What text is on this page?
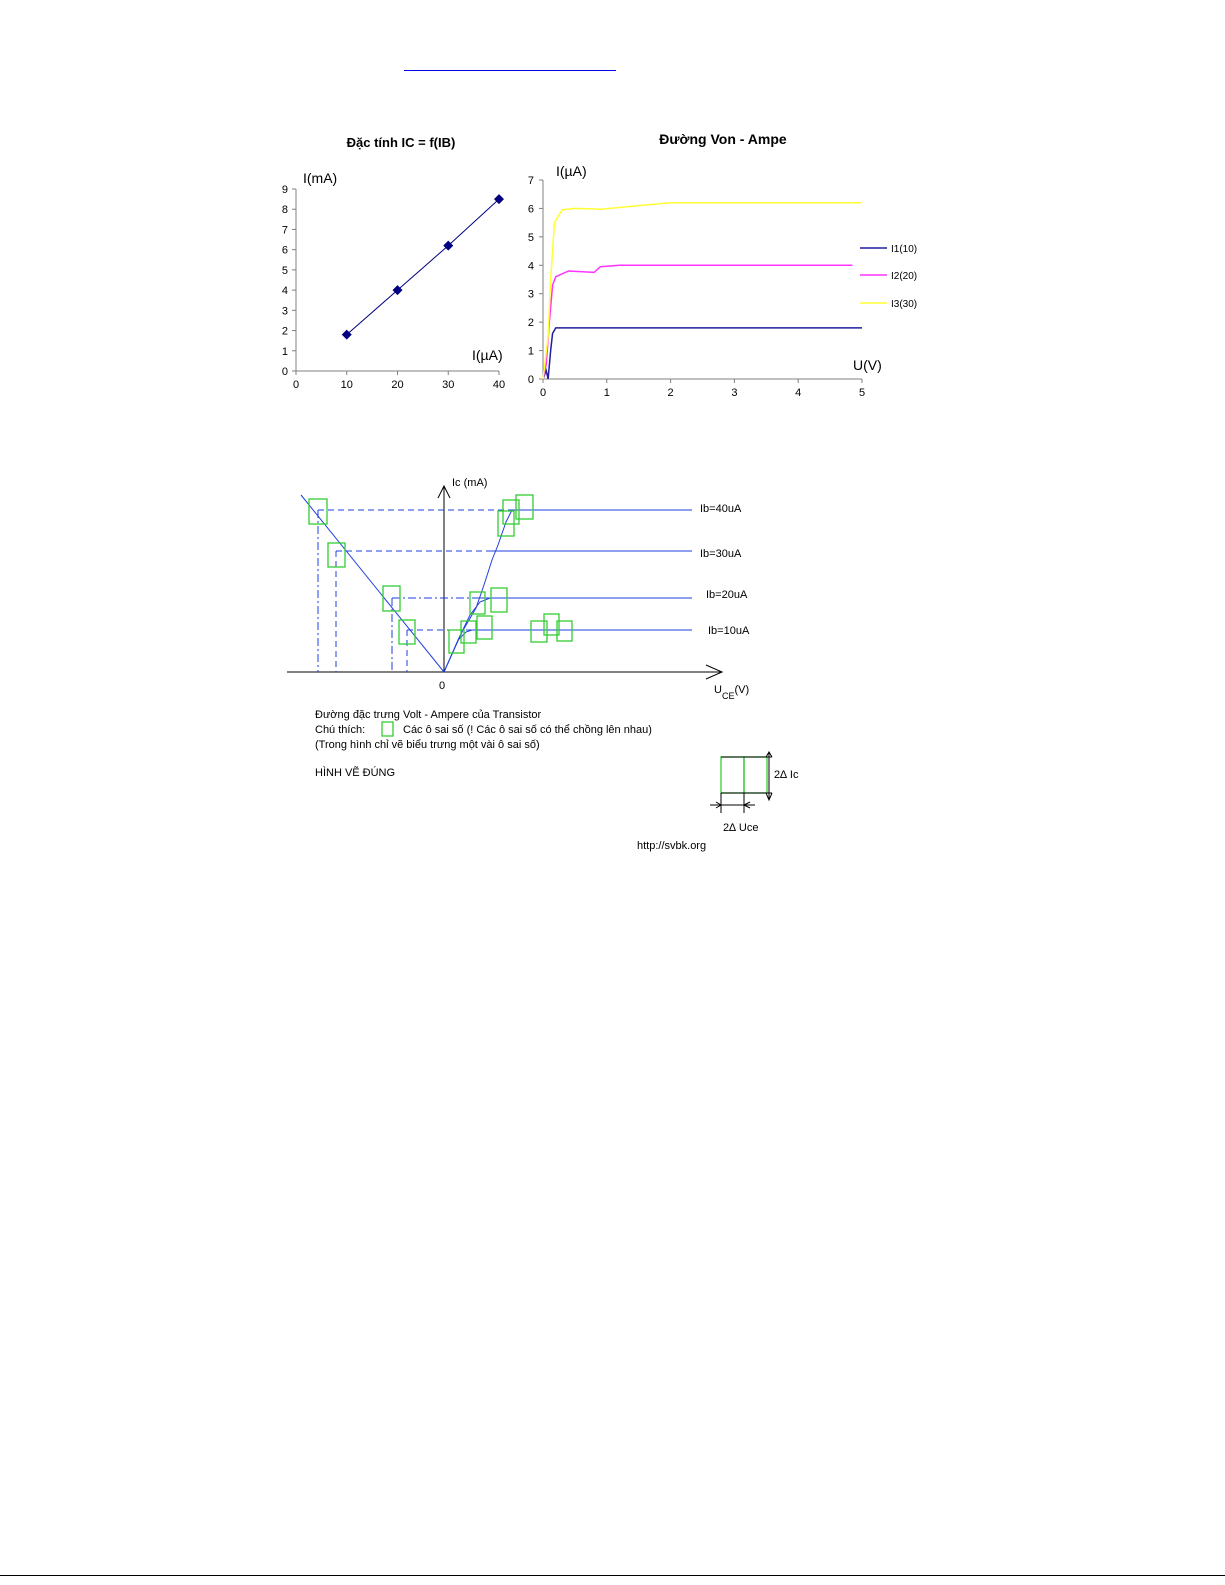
Đặc tính IC = f(IB)
I(mA)
I(µA)
0
1
2
3
4
5
6
7
8
9
0	10	20	30	40
Đường Von - Ampe
I(µA)
U(V)
0
1
2
3
4
5
6
7
0	1	2	3	4	5
I1(10)
I2(20)
I3(30)
Ic (mA)
0	$U_{CE}(V)$
Ib=40uA
Ib=30uA
Ib=20uA
Ib=10uA
Đường đặc trưng Volt - Ampere của Transistor
Chú thích:	Các ô sai số (! Các ô sai số có thể chồng lên nhau)
(Trong hình chỉ vẽ biểu trưng một vài ô sai số)
HÌNH VẼ ĐÚNG	2∆ Ic
2∆ Uce
http://svbk.org
